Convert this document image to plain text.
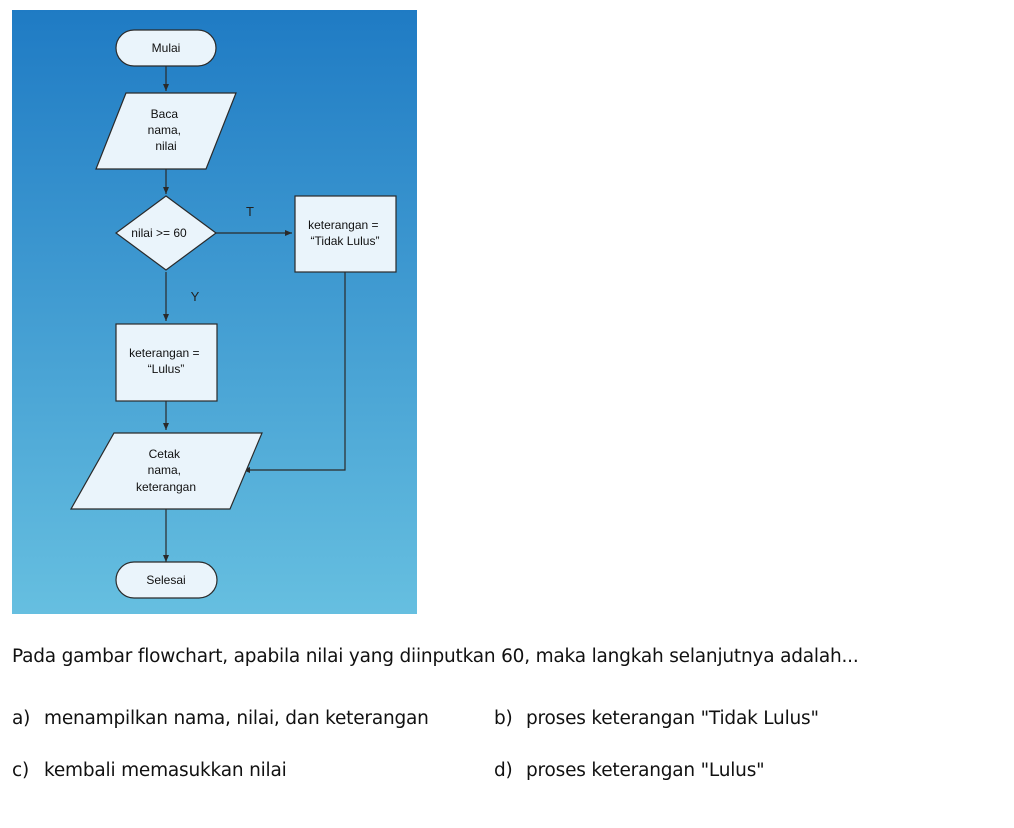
Mulai
Baca nama, nilai
nilai >= 60
T
Y
keterangan = “Tidak Lulus”
keterangan = “Lulus”
Cetak nama, keterangan
Selesai
Pada gambar flowchart, apabila nilai yang diinputkan 60, maka langkah selanjutnya adalah...
a) menampilkan nama, nilai, dan keterangan	b) proses keterangan "Tidak Lulus"
c) kembali memasukkan nilai	d) proses keterangan "Lulus"
